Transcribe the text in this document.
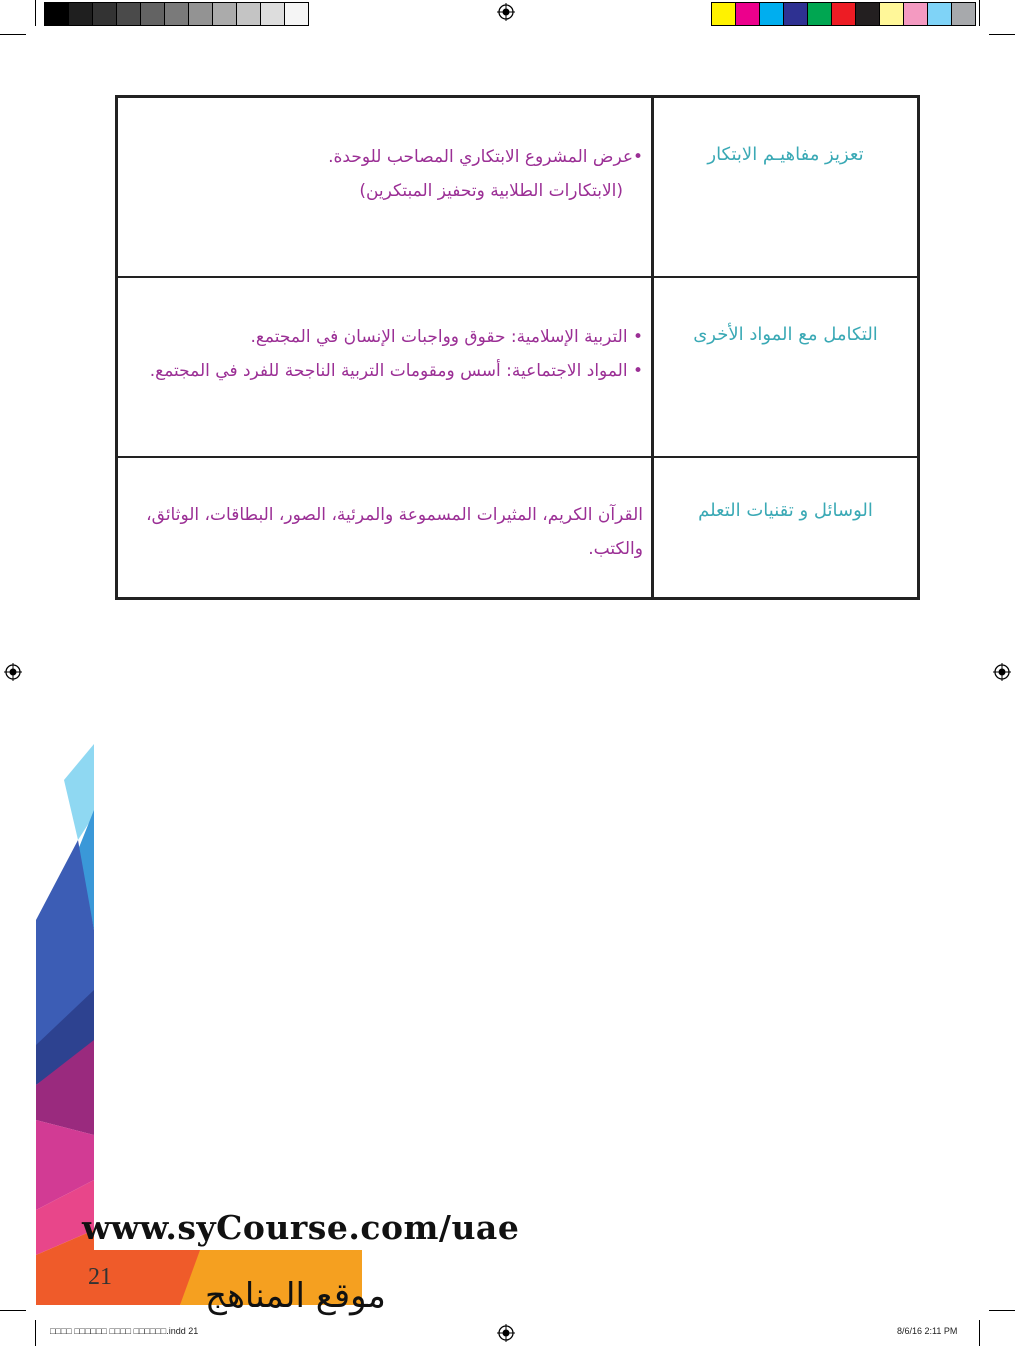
تعزيز مفاهيـم الابتكار
•عرض المشروع الابتكاري المصاحب للوحدة.
(الابتكارات الطلابية وتحفيز المبتكرين)
التكامل مع المواد الأخرى
• التربية الإسلامية: حقوق وواجبات الإنسان في المجتمع.
• المواد الاجتماعية: أسس ومقومات التربية الناجحة للفرد في المجتمع.
الوسائل و تقنيات التعلم
القرآن الكريم، المثيرات المسموعة والمرئية، الصور، البطاقات، الوثائق،
والكتب.
www.syCourse.com/uae
21	موقع المناهج
□□□□ □□□□□□ □□□□ □□□□□□.indd 21	8/6/16 2:11 PM
